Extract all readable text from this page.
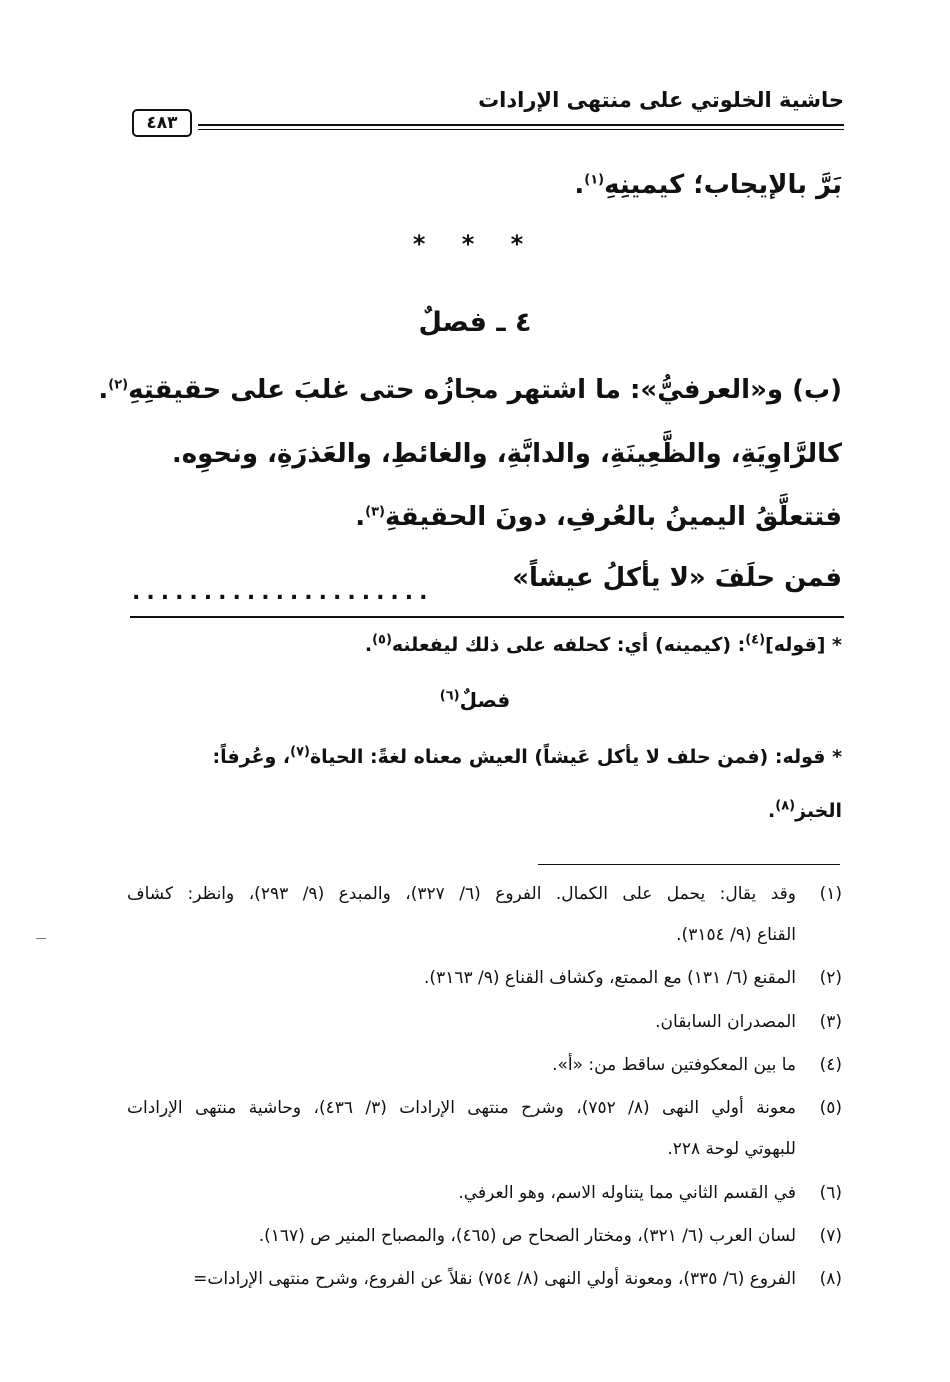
حاشية الخلوتي على منتهى الإرادات
٤٨٣
بَرَّ بالإيجاب؛ كيمينِهِ$^{(١)}$.
* * *
٤ ـ فصلٌ
(ب) و«العرفيُّ»: ما اشتهر مجازُه حتى غلبَ على حقيقتِهِ$^{(٢)}$.
كالرَّاوِيَةِ، والظَّعِينَةِ، والدابَّةِ، والغائطِ، والعَذرَةِ، ونحوِه.
فتتعلَّقُ اليمينُ بالعُرفِ، دونَ الحقيقةِ$^{(٣)}$.
فمن حلَفَ «لا يأكلُ عيشاً»
.....................
* [قوله]$^{(٤)}$: (كيمينه) أي: كحلفه على ذلك ليفعلنه$^{(٥)}$.
فصلٌ$^{(٦)}$
* قوله: (فمن حلف لا يأكل عَيشاً) العيش معناه لغةً: الحياة$^{(٧)}$، وعُرفاً:
الخبز$^{(٨)}$.
(١)
وقد يقال: يحمل على الكمال. الفروع (٦/ ٣٢٧)، والمبدع (٩/ ٢٩٣)، وانظر: كشاف
القناع (٩/ ٣١٥٤).
(٢)
المقنع (٦/ ١٣١) مع الممتع، وكشاف القناع (٩/ ٣١٦٣).
(٣)
المصدران السابقان.
(٤)
ما بين المعكوفتين ساقط من: «أ».
(٥)
معونة أولي النهى (٨/ ٧٥٢)، وشرح منتهى الإرادات (٣/ ٤٣٦)، وحاشية منتهى الإرادات
للبهوتي لوحة ٢٢٨.
(٦)
في القسم الثاني مما يتناوله الاسم، وهو العرفي.
(٧)
لسان العرب (٦/ ٣٢١)، ومختار الصحاح ص (٤٦٥)، والمصباح المنير ص (١٦٧).
(٨)
الفروع (٦/ ٣٣٥)، ومعونة أولي النهى (٨/ ٧٥٤) نقلاً عن الفروع، وشرح منتهى الإرادات=
